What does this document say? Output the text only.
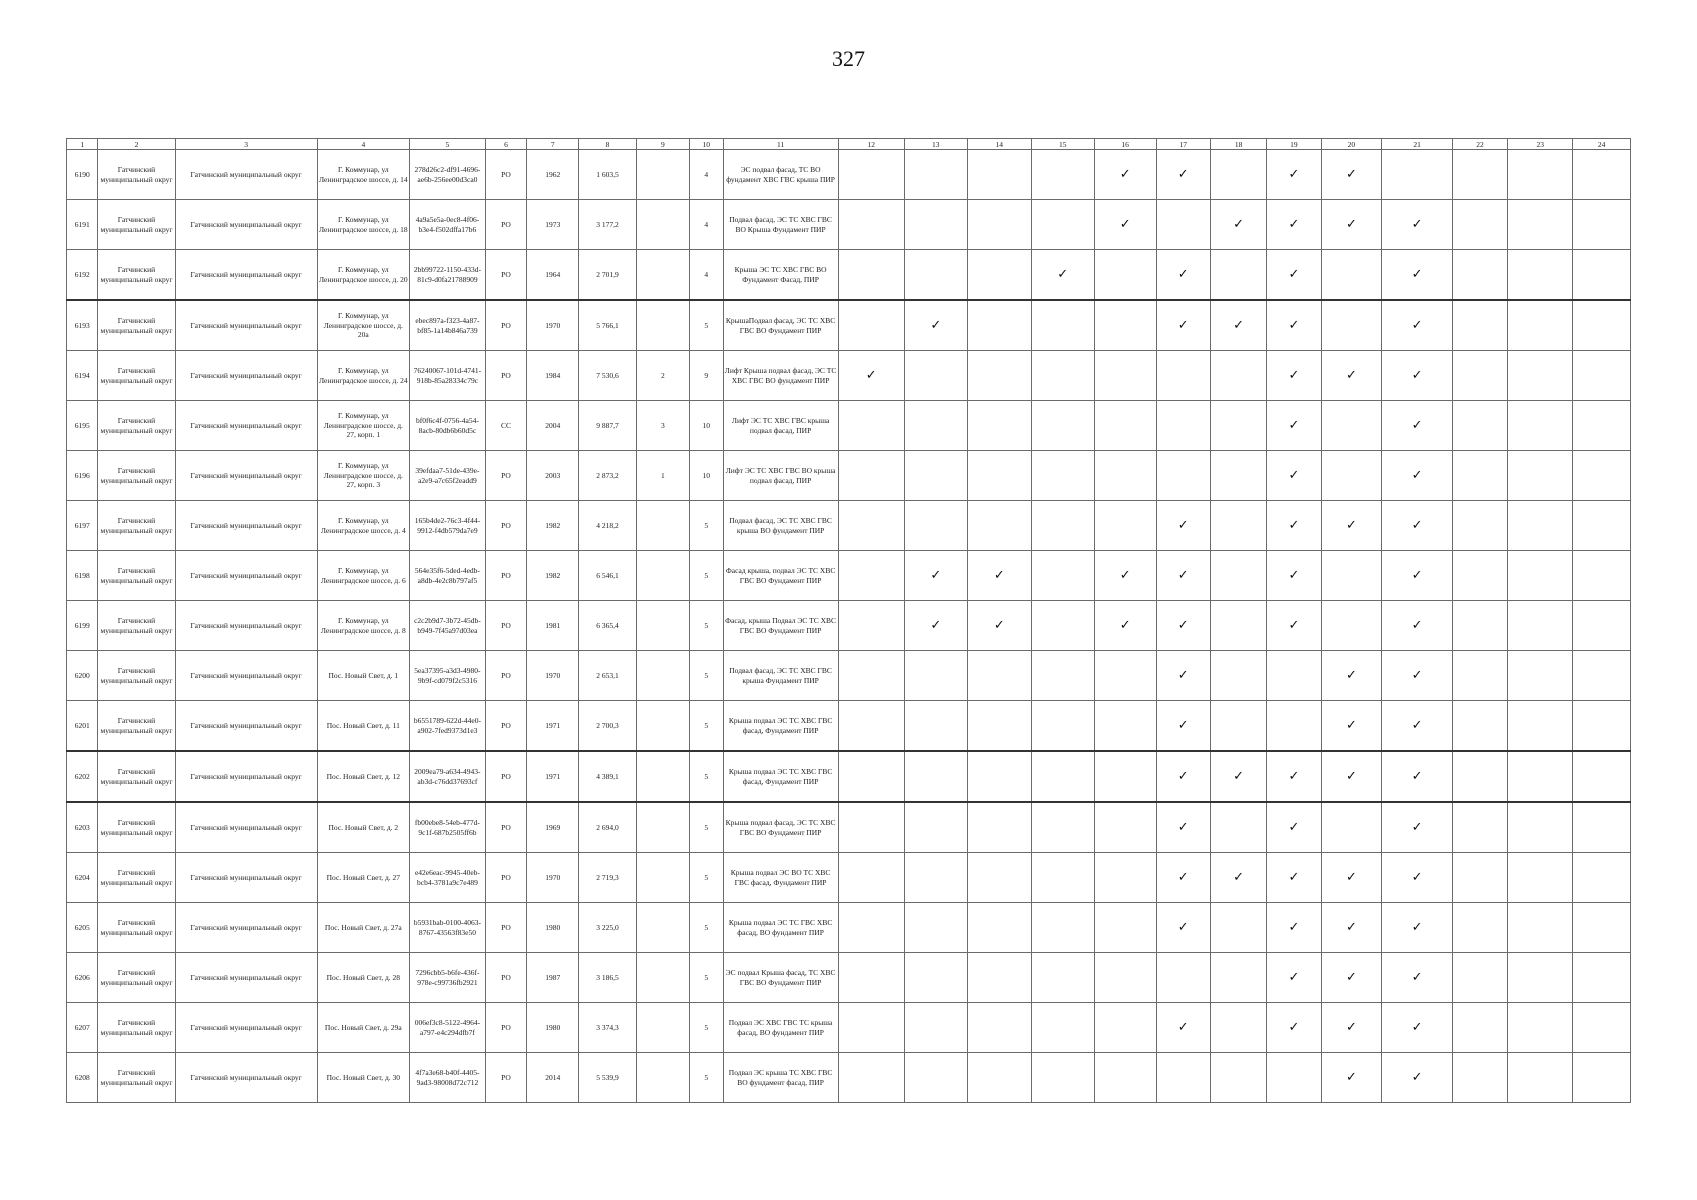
327
1	2	3	4	5	6	7	8	9	10	11	12	13	14	15	16	17	18	19	20	21	22	23	24
6190	Гатчинский муниципальный округ	Гатчинский муниципальный округ	Г. Коммунар, ул Ленинградское шоссе, д. 14	278d26c2-df91-4696-ae6b-256ee00d3ca0	РО	1962	1 603,5		4	ЭС подвал фасад, ТС ВО фундамент ХВС ГВС крыша ПИР					✓	✓		✓	✓				
6191	Гатчинский муниципальный округ	Гатчинский муниципальный округ	Г. Коммунар, ул Ленинградское шоссе, д. 18	4a9a5e5a-0ec8-4f06-b3e4-f502dffa17b6	РО	1973	3 177,2		4	Подвал фасад, ЭС ТС ХВС ГВС ВО Крыша Фундамент ПИР					✓		✓	✓	✓	✓			
6192	Гатчинский муниципальный округ	Гатчинский муниципальный округ	Г. Коммунар, ул Ленинградское шоссе, д. 20	2bb99722-1150-433d-81c9-d0fa21788909	РО	1964	2 701,9		4	Крыша ЭС ТС ХВС ГВС ВО Фундамент Фасад, ПИР				✓		✓		✓		✓			
6193	Гатчинский муниципальный округ	Гатчинский муниципальный округ	Г. Коммунар, ул Ленинградское шоссе, д. 20а	ebec897a-f323-4a87-bf85-1a14b846a739	РО	1970	5 766,1		5	КрышаПодвал фасад, ЭС ТС ХВС ГВС ВО Фундамент ПИР		✓				✓	✓	✓		✓			
6194	Гатчинский муниципальный округ	Гатчинский муниципальный округ	Г. Коммунар, ул Ленинградское шоссе, д. 24	76240067-101d-4741-918b-85a28334c79c	РО	1984	7 530,6	2	9	Лифт Крыша подвал фасад, ЭС ТС ХВС ГВС ВО фундамент ПИР	✓							✓	✓	✓			
6195	Гатчинский муниципальный округ	Гатчинский муниципальный округ	Г. Коммунар, ул Ленинградское шоссе, д. 27, корп. 1	bf0f6c4f-0756-4a54-8acb-80db6b60d5c	СС	2004	9 887,7	3	10	Лифт ЭС ТС ХВС ГВС крыша подвал фасад, ПИР								✓		✓			
6196	Гатчинский муниципальный округ	Гатчинский муниципальный округ	Г. Коммунар, ул Ленинградское шоссе, д. 27, корп. 3	39efdaa7-51de-439e-a2e9-a7c65f2eadd9	РО	2003	2 873,2	1	10	Лифт ЭС ТС ХВС ГВС ВО крыша подвал фасад, ПИР								✓		✓			
6197	Гатчинский муниципальный округ	Гатчинский муниципальный округ	Г. Коммунар, ул Ленинградское шоссе, д. 4	165b4de2-76c3-4f44-9912-f4db579da7e9	РО	1982	4 218,2		5	Подвал фасад, ЭС ТС ХВС ГВС крыша ВО фундамент ПИР						✓		✓	✓	✓			
6198	Гатчинский муниципальный округ	Гатчинский муниципальный округ	Г. Коммунар, ул Ленинградское шоссе, д. 6	564e35f6-5ded-4edb-a8db-4e2c8b797af5	РО	1982	6 546,1		5	Фасад крыша, подвал ЭС ТС ХВС ГВС ВО Фундамент ПИР		✓	✓		✓	✓		✓		✓			
6199	Гатчинский муниципальный округ	Гатчинский муниципальный округ	Г. Коммунар, ул Ленинградское шоссе, д. 8	c2c2b9d7-3b72-45db-b949-7f45a97d03ea	РО	1981	6 365,4		5	Фасад, крыша Подвал ЭС ТС ХВС ГВС ВО Фундамент ПИР		✓	✓		✓	✓		✓		✓			
6200	Гатчинский муниципальный округ	Гатчинский муниципальный округ	Пос. Новый Свет, д. 1	5ea37395-a3d3-4980-9b9f-cd079f2c5316	РО	1970	2 653,1		5	Подвал фасад, ЭС ТС ХВС ГВС крыша Фундамент ПИР						✓			✓	✓			
6201	Гатчинский муниципальный округ	Гатчинский муниципальный округ	Пос. Новый Свет, д. 11	b6551789-622d-44e0-a902-7fed9373d1e3	РО	1971	2 700,3		5	Крыша подвал ЭС ТС ХВС ГВС фасад, Фундамент ПИР						✓			✓	✓			
6202	Гатчинский муниципальный округ	Гатчинский муниципальный округ	Пос. Новый Свет, д. 12	2009ea79-a634-4943-ab3d-c76dd37693cf	РО	1971	4 389,1		5	Крыша подвал ЭС ТС ХВС ГВС фасад, Фундамент ПИР						✓	✓	✓	✓	✓			
6203	Гатчинский муниципальный округ	Гатчинский муниципальный округ	Пос. Новый Свет, д. 2	fb00ebe8-54eb-477d-9c1f-687b2505ff6b	РО	1969	2 694,0		5	Крыша подвал фасад, ЭС ТС ХВС ГВС ВО Фундамент ПИР						✓		✓		✓			
6204	Гатчинский муниципальный округ	Гатчинский муниципальный округ	Пос. Новый Свет, д. 27	e42e6eac-9945-40eb-bcb4-3781a9c7e489	РО	1970	2 719,3		5	Крыша подвал ЭС ВО ТС ХВС ГВС фасад, Фундамент ПИР						✓	✓	✓	✓	✓			
6205	Гатчинский муниципальный округ	Гатчинский муниципальный округ	Пос. Новый Свет, д. 27а	b5931bab-0100-4063-8767-43563f83e50	РО	1980	3 225,0		5	Крыша подвал ЭС ТС ГВС ХВС фасад, ВО фундамент ПИР						✓		✓	✓	✓			
6206	Гатчинский муниципальный округ	Гатчинский муниципальный округ	Пос. Новый Свет, д. 28	7296cbb5-b6fe-436f-978e-c99736fb2921	РО	1987	3 186,5		5	ЭС подвал Крыша фасад, ТС ХВС ГВС ВО Фундамент ПИР								✓	✓	✓			
6207	Гатчинский муниципальный округ	Гатчинский муниципальный округ	Пос. Новый Свет, д. 29а	006ef3c8-5122-4964-a797-e4c294dfb7f	РО	1980	3 374,3		5	Подвал ЭС ХВС ГВС ТС крыша фасад, ВО фундамент ПИР						✓		✓	✓	✓			
6208	Гатчинский муниципальный округ	Гатчинский муниципальный округ	Пос. Новый Свет, д. 30	4f7a3e68-b40f-4405-9ad3-98008d72c712	РО	2014	5 539,9		5	Подвал ЭС крыша ТС ХВС ГВС ВО фундамент фасад, ПИР									✓	✓			
